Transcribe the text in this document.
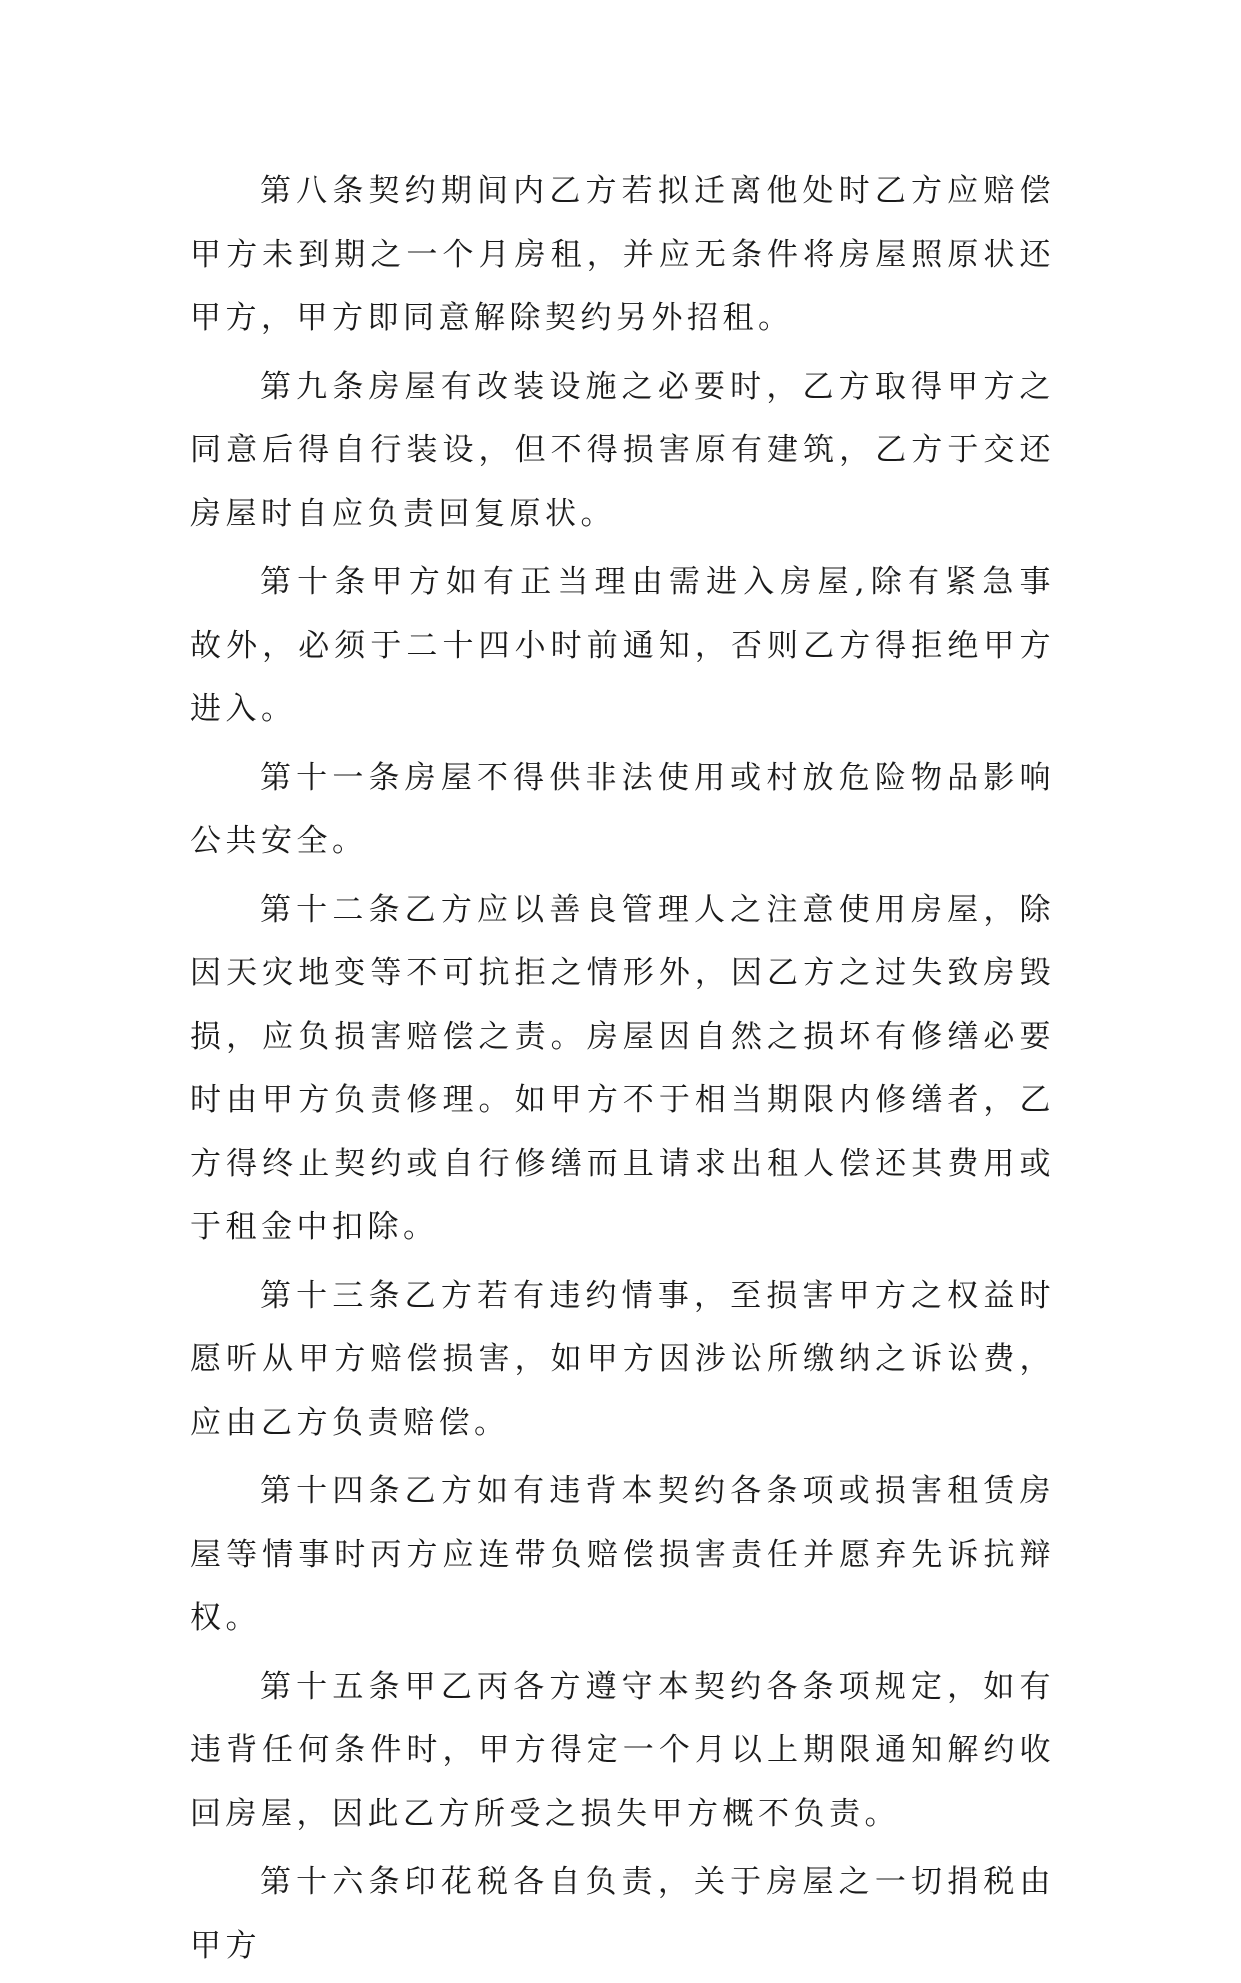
第八条契约期间内乙方若拟迁离他处时乙方应赔偿甲方未到期之一个月房租，并应无条件将房屋照原状还甲方，甲方即同意解除契约另外招租。

第九条房屋有改装设施之必要时，乙方取得甲方之同意后得自行装设，但不得损害原有建筑，乙方于交还房屋时自应负责回复原状。

第十条甲方如有正当理由需进入房屋,除有紧急事故外，必须于二十四小时前通知，否则乙方得拒绝甲方进入。

第十一条房屋不得供非法使用或村放危险物品影响公共安全。

第十二条乙方应以善良管理人之注意使用房屋，除因天灾地变等不可抗拒之情形外，因乙方之过失致房毁损，应负损害赔偿之责。房屋因自然之损坏有修缮必要时由甲方负责修理。如甲方不于相当期限内修缮者，乙方得终止契约或自行修缮而且请求出租人偿还其费用或于租金中扣除。

第十三条乙方若有违约情事，至损害甲方之权益时愿听从甲方赔偿损害，如甲方因涉讼所缴纳之诉讼费，应由乙方负责赔偿。

第十四条乙方如有违背本契约各条项或损害租赁房屋等情事时丙方应连带负赔偿损害责任并愿弃先诉抗辩权。

第十五条甲乙丙各方遵守本契约各条项规定，如有违背任何条件时，甲方得定一个月以上期限通知解约收回房屋，因此乙方所受之损失甲方概不负责。

第十六条印花税各自负责，关于房屋之一切捐税由甲方
